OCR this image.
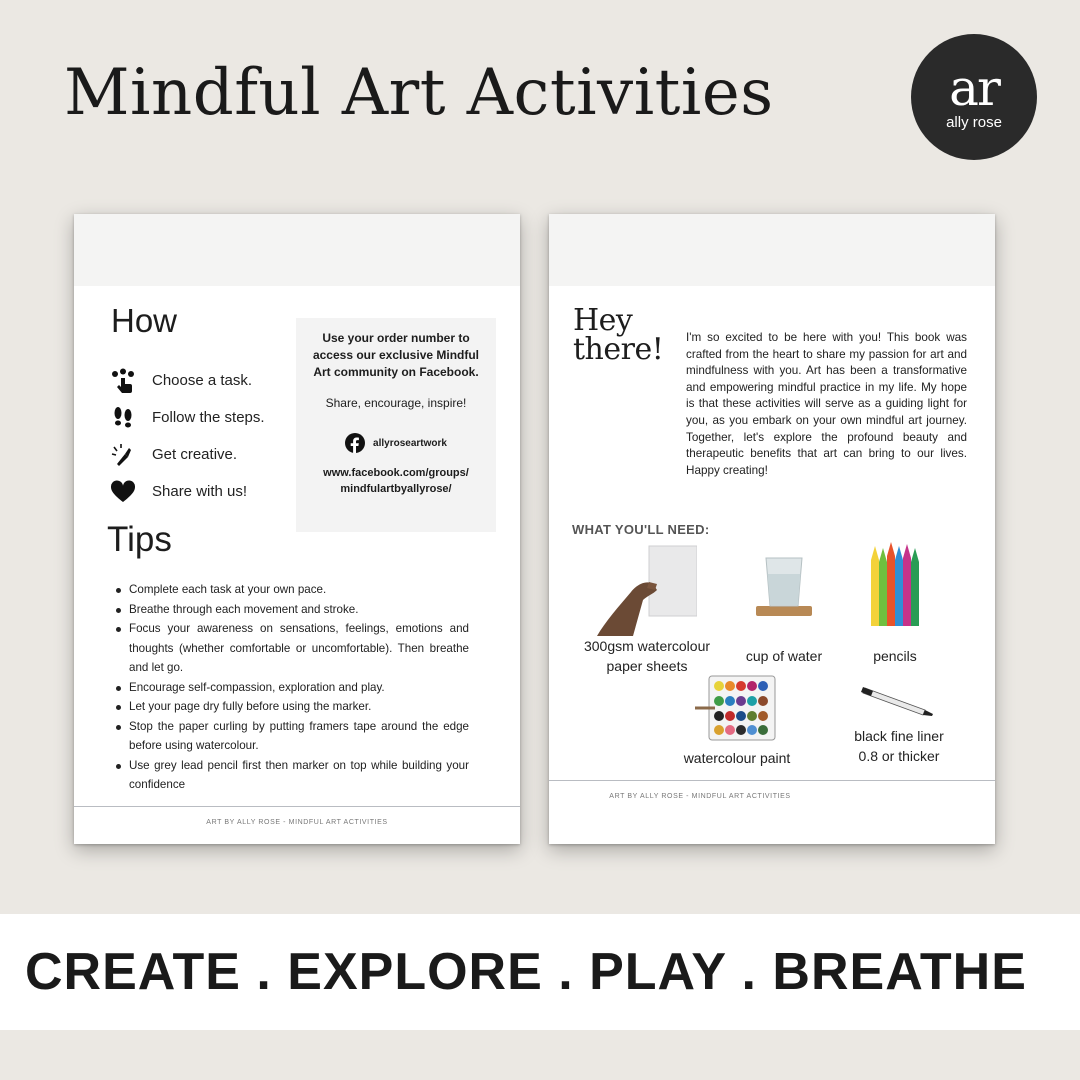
Mindful Art Activities	ar
ally rose
How
Choose a task.
Follow the steps.
Get creative.
Share with us!
Use your order number to access our exclusive Mindful Art community on Facebook.
Share, encourage, inspire!
allyroseartwork
www.facebook.com/groups/
mindfulartbyallyrose/
Tips
Complete each task at your own pace.
Breathe through each movement and stroke.
Focus your awareness on sensations, feelings, emotions and thoughts (whether comfortable or uncomfortable). Then breathe and let go.
Encourage self-compassion, exploration and play.
Let your page dry fully before using the marker.
Stop the paper curling by putting framers tape around the edge before using watercolour.
Use grey lead pencil first then marker on top while building your confidence
ART BY ALLY ROSE - MINDFUL ART ACTIVITIES
Hey
there!	I'm so excited to be here with you! This book was crafted from the heart to share my passion for art and mindfulness with you. Art has been a transformative and empowering mindful practice in my life. My hope is that these activities will serve as a guiding light for you, as you embark on your own mindful art journey. Together, let's explore the profound beauty and therapeutic benefits that art can bring to our lives. Happy creating!

WHAT YOU'LL NEED:
300gsm watercolour
paper sheets
cup of water	pencils
watercolour paint
black fine liner
0.8 or thicker
ART BY ALLY ROSE - MINDFUL ART ACTIVITIES
CREATE . EXPLORE . PLAY . BREATHE
